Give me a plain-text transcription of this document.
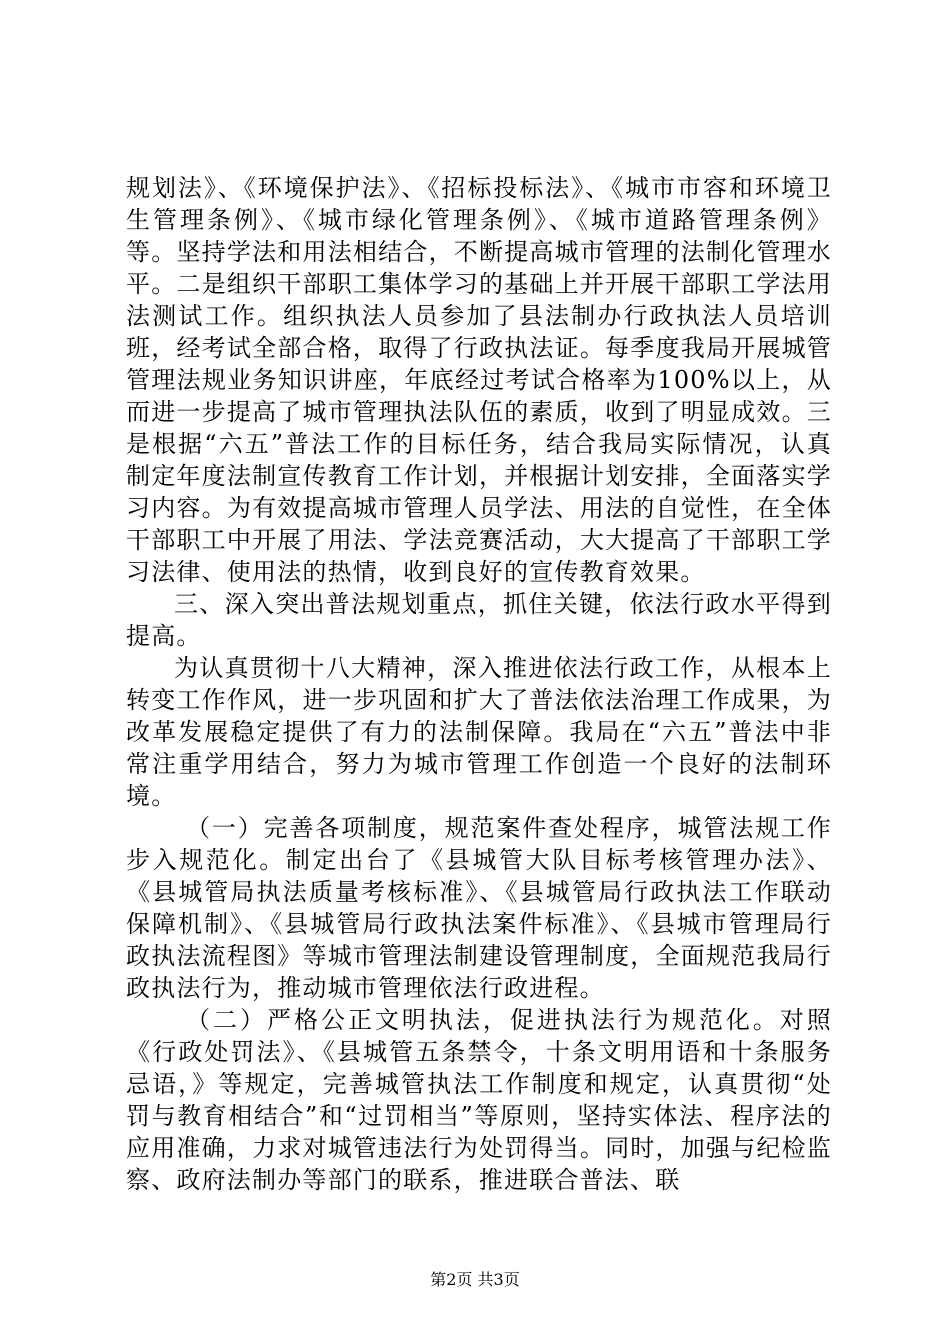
规划法》、《环境保护法》、《招标投标法》、《城市市容和环境卫生管理条例》、《城市绿化管理条例》、《城市道路管理条例》等。坚持学法和用法相结合，不断提高城市管理的法制化管理水平。二是组织干部职工集体学习的基础上并开展干部职工学法用法测试工作。组织执法人员参加了县法制办行政执法人员培训班，经考试全部合格，取得了行政执法证。每季度我局开展城管管理法规业务知识讲座，年底经过考试合格率为100%以上，从而进一步提高了城市管理执法队伍的素质，收到了明显成效。三是根据“六五”普法工作的目标任务，结合我局实际情况，认真制定年度法制宣传教育工作计划，并根据计划安排，全面落实学习内容。为有效提高城市管理人员学法、用法的自觉性，在全体干部职工中开展了用法、学法竞赛活动，大大提高了干部职工学习法律、使用法的热情，收到良好的宣传教育效果。

三、深入突出普法规划重点，抓住关键，依法行政水平得到提高。

为认真贯彻十八大精神，深入推进依法行政工作，从根本上转变工作作风，进一步巩固和扩大了普法依法治理工作成果，为改革发展稳定提供了有力的法制保障。我局在“六五”普法中非常注重学用结合，努力为城市管理工作创造一个良好的法制环境。

（一）完善各项制度，规范案件查处程序，城管法规工作步入规范化。制定出台了《县城管大队目标考核管理办法》、《县城管局执法质量考核标准》、《县城管局行政执法工作联动保障机制》、《县城管局行政执法案件标准》、《县城市管理局行政执法流程图》等城市管理法制建设管理制度，全面规范我局行政执法行为，推动城市管理依法行政进程。

（二）严格公正文明执法，促进执法行为规范化。对照《行政处罚法》、《县城管五条禁令，十条文明用语和十条服务忌语，》等规定，完善城管执法工作制度和规定，认真贯彻“处罚与教育相结合”和“过罚相当”等原则，坚持实体法、程序法的应用准确，力求对城管违法行为处罚得当。同时，加强与纪检监察、政府法制办等部门的联系，推进联合普法、联

第2页 共3页
